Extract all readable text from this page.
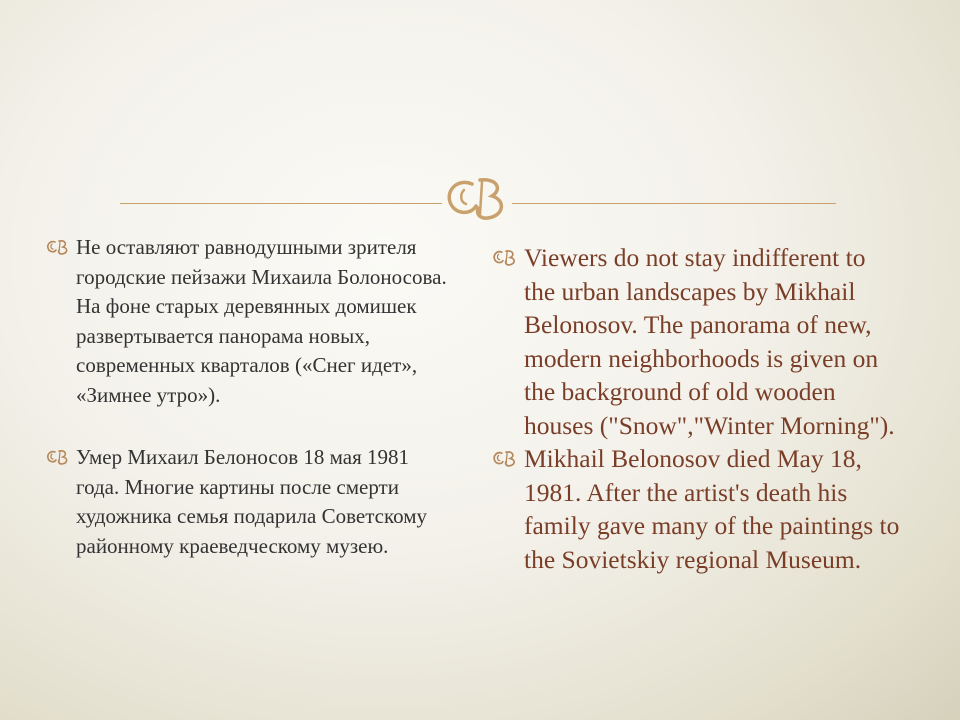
Не оставляют равнодушными зрителя городские пейзажи Михаила Болоносова. На фоне старых деревянных домишек развертывается панорама новых, современных кварталов («Снег идет», «Зимнее утро»).
Умер Михаил Белоносов 18 мая 1981 года. Многие картины после смерти художника семья подарила Советскому районному краеведческому музею.
Viewers do not stay indifferent to the urban landscapes by Mikhail Belonosov. The panorama of new, modern neighborhoods is given on the background of old wooden houses ("Snow","Winter Morning").
Mikhail Belonosov died May 18, 1981. After the artist's death his family gave many of the paintings to the Sovietskiy regional Museum.
